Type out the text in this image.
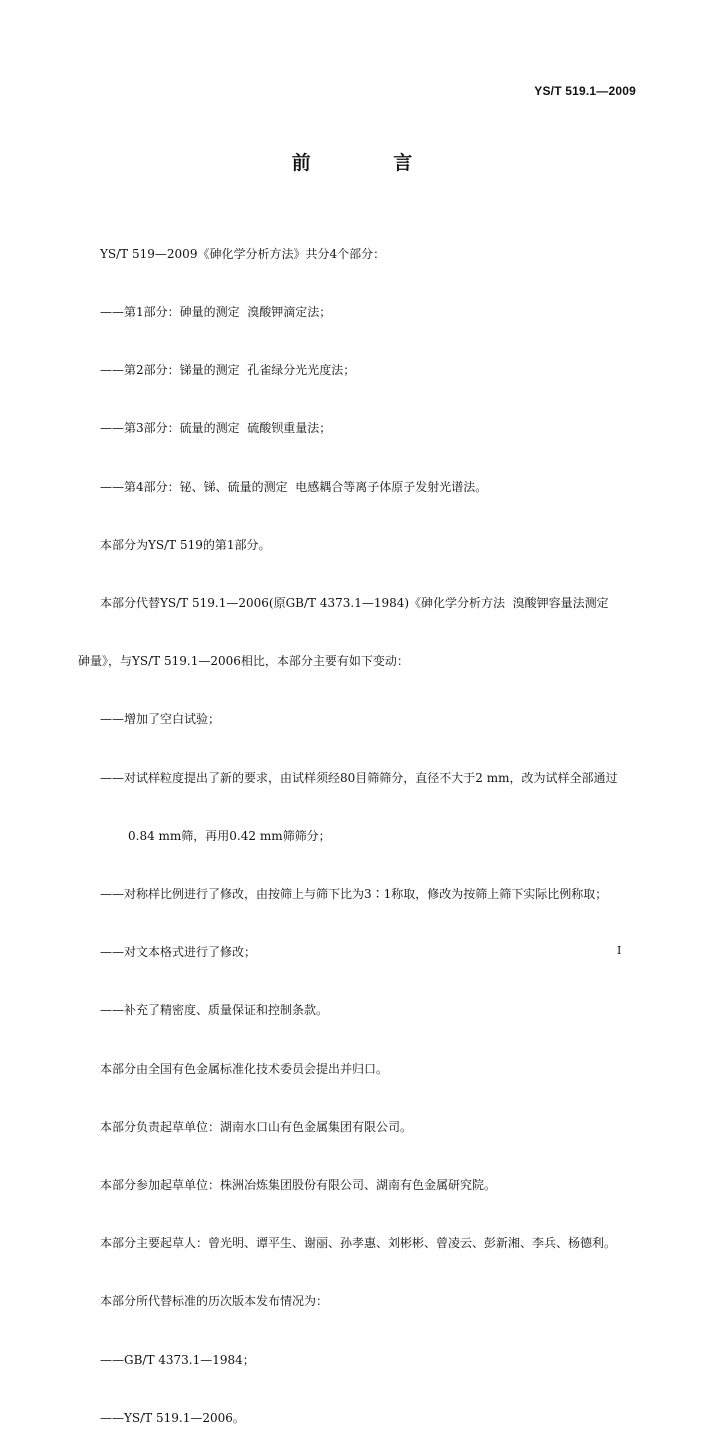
YS/T 519.1—2009
前 言

YS/T 519—2009《砷化学分析方法》共分4个部分：

——第1部分：砷量的测定  溴酸钾滴定法；

——第2部分：锑量的测定  孔雀绿分光光度法；

——第3部分：硫量的测定  硫酸钡重量法；

——第4部分：铋、锑、硫量的测定  电感耦合等离子体原子发射光谱法。

本部分为YS/T 519的第1部分。

本部分代替YS/T 519.1—2006(原GB/T 4373.1—1984)《砷化学分析方法  溴酸钾容量法测定

砷量》，与YS/T 519.1—2006相比，本部分主要有如下变动：

——增加了空白试验；

——对试样粒度提出了新的要求，由试样须经80目筛筛分，直径不大于2 mm，改为试样全部通过

0.84 mm筛，再用0.42 mm筛筛分；

——对称样比例进行了修改，由按筛上与筛下比为3∶1称取，修改为按筛上筛下实际比例称取；

——对文本格式进行了修改；

——补充了精密度、质量保证和控制条款。

本部分由全国有色金属标准化技术委员会提出并归口。

本部分负责起草单位：湖南水口山有色金属集团有限公司。

本部分参加起草单位：株洲冶炼集团股份有限公司、湖南有色金属研究院。

本部分主要起草人：曾光明、谭平生、谢丽、孙孝惠、刘彬彬、曾凌云、彭新湘、李兵、杨德利。

本部分所代替标准的历次版本发布情况为：

——GB/T 4373.1—1984；

——YS/T 519.1—2006。

I
